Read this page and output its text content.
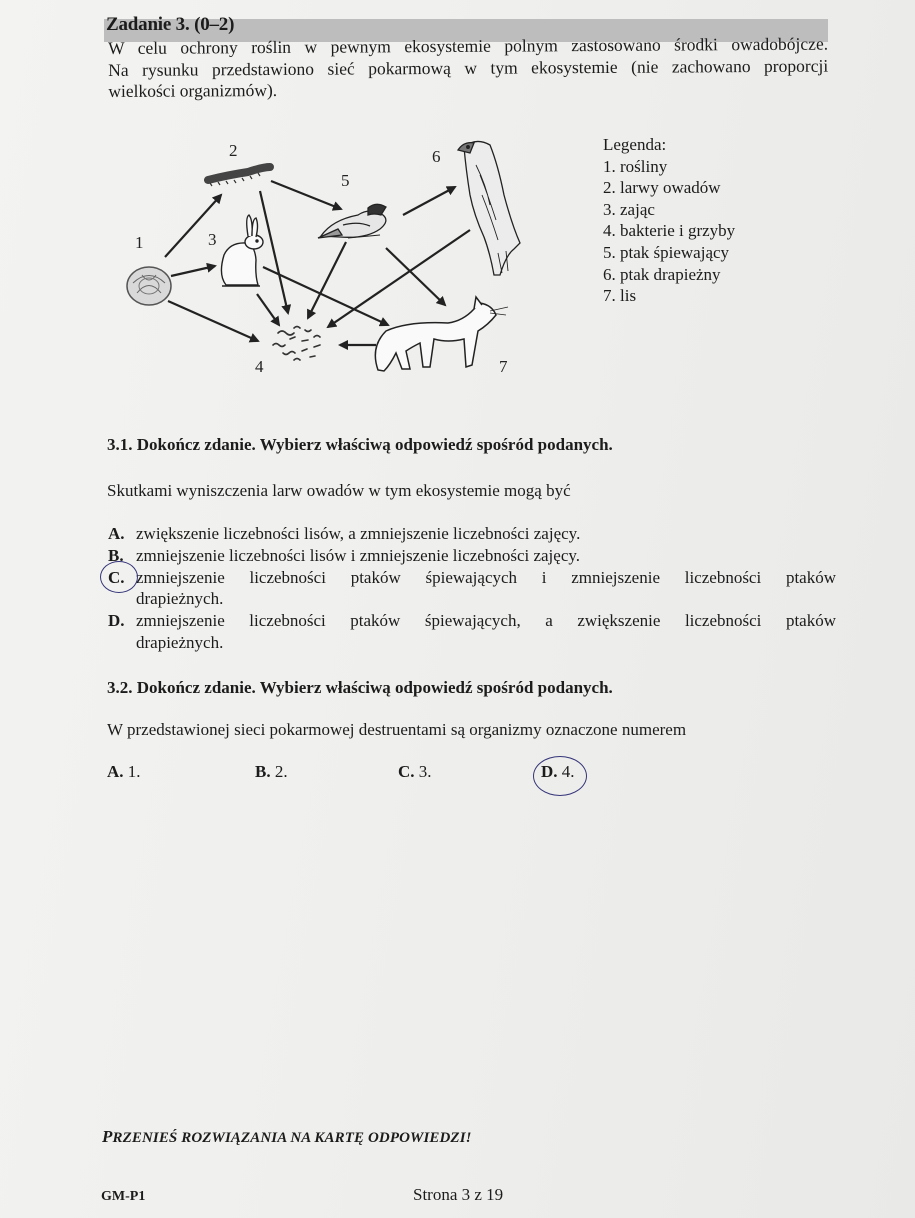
Zadanie 3. (0–2)
W celu ochrony roślin w pewnym ekosystemie polnym zastosowano środki owadobójcze.
Na rysunku przedstawiono sieć pokarmową w tym ekosystemie (nie zachowano proporcji
wielkości organizmów).
1
2
3
4
5
6
7
Legenda:
1. rośliny
2. larwy owadów
3. zając
4. bakterie i grzyby
5. ptak śpiewający
6. ptak drapieżny
7. lis
3.1. Dokończ zdanie. Wybierz właściwą odpowiedź spośród podanych.
Skutkami wyniszczenia larw owadów w tym ekosystemie mogą być
A. zwiększenie liczebności lisów, a zmniejszenie liczebności zajęcy.
B. zmniejszenie liczebności lisów i zmniejszenie liczebności zajęcy.
C. zmniejszenie liczebności ptaków śpiewających i zmniejszenie liczebności ptaków
drapieżnych.
D. zmniejszenie liczebności ptaków śpiewających, a zwiększenie liczebności ptaków
drapieżnych.
3.2. Dokończ zdanie. Wybierz właściwą odpowiedź spośród podanych.
W przedstawionej sieci pokarmowej destruentami są organizmy oznaczone numerem
A. 1.	B. 2.	C. 3.	D. 4.
PRZENIEŚ ROZWIĄZANIA NA KARTĘ ODPOWIEDZI!
GM-P1	Strona 3 z 19
